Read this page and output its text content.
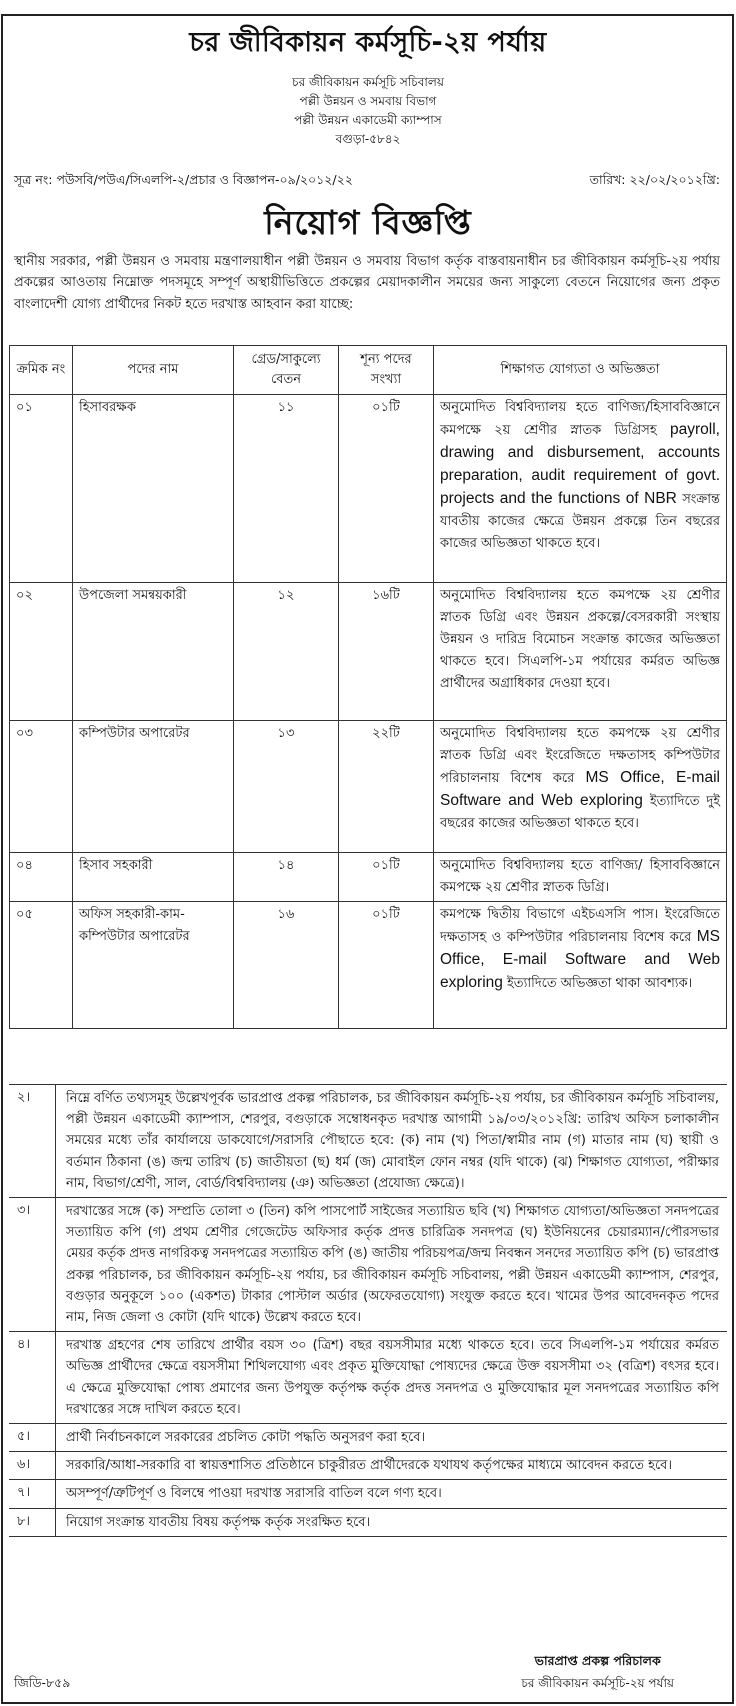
চর জীবিকায়ন কর্মসূচি-২য় পর্যায়
চর জীবিকায়ন কর্মসূচি সচিবালয়
পল্লী উন্নয়ন ও সমবায় বিভাগ
পল্লী উন্নয়ন একাডেমী ক্যাম্পাস
বগুড়া-৫৮৪২
সূত্র নং: পউসবি/পউএ/সিএলপি-২/প্রচার ও বিজ্ঞাপন-০৯/২০১২/২২	তারিখ: ২২/০২/২০১২খ্রি:
নিয়োগ বিজ্ঞপ্তি
স্থানীয় সরকার, পল্লী উন্নয়ন ও সমবায় মন্ত্রণালয়াধীন পল্লী উন্নয়ন ও সমবায় বিভাগ কর্তৃক বাস্তবায়নাধীন চর জীবিকায়ন কর্মসূচি-২য় পর্যায় প্রকল্পের আওতায় নিম্নোক্ত পদসমূহে সম্পূর্ণ অস্থায়ীভিত্তিতে প্রকল্পের মেয়াদকালীন সময়ের জন্য সাকুল্যে বেতনে নিয়োগের জন্য প্রকৃত বাংলাদেশী যোগ্য প্রার্থীদের নিকট হতে দরখাস্ত আহবান করা যাচ্ছে:
ক্রমিক নং	পদের নাম	গ্রেড/সাকুল্যে বেতন	শূন্য পদের সংখ্যা	শিক্ষাগত যোগ্যতা ও অভিজ্ঞতা
০১	হিসাবরক্ষক	১১	০১টি	অনুমোদিত বিশ্ববিদ্যালয় হতে বাণিজ্য/হিসাববিজ্ঞানে কমপক্ষে ২য় শ্রেণীর স্নাতক ডিগ্রিসহ payroll, drawing and disbursement, accounts preparation, audit requirement of govt. projects and the functions of NBR সংক্রান্ত যাবতীয় কাজের ক্ষেত্রে উন্নয়ন প্রকল্পে তিন বছরের কাজের অভিজ্ঞতা থাকতে হবে।
০২	উপজেলা সমন্বয়কারী	১২	১৬টি	অনুমোদিত বিশ্ববিদ্যালয় হতে কমপক্ষে ২য় শ্রেণীর স্নাতক ডিগ্রি এবং উন্নয়ন প্রকল্পে/বেসরকারী সংস্থায় উন্নয়ন ও দারিদ্র বিমোচন সংক্রান্ত কাজের অভিজ্ঞতা থাকতে হবে। সিএলপি-১ম পর্যায়ের কর্মরত অভিজ্ঞ প্রার্থীদের অগ্রাধিকার দেওয়া হবে।
০৩	কম্পিউটার অপারেটর	১৩	২২টি	অনুমোদিত বিশ্ববিদ্যালয় হতে কমপক্ষে ২য় শ্রেণীর স্নাতক ডিগ্রি এবং ইংরেজিতে দক্ষতাসহ কম্পিউটার পরিচালনায় বিশেষ করে MS Office, E-mail Software and Web exploring ইত্যাদিতে দুই বছরের কাজের অভিজ্ঞতা থাকতে হবে।
০৪	হিসাব সহকারী	১৪	০১টি	অনুমোদিত বিশ্ববিদ্যালয় হতে বাণিজ্য/ হিসাববিজ্ঞানে কমপক্ষে ২য় শ্রেণীর স্নাতক ডিগ্রি।
০৫	অফিস সহকারী-কাম-কম্পিউটার অপারেটর	১৬	০১টি	কমপক্ষে দ্বিতীয় বিভাগে এইচএসসি পাস। ইংরেজিতে দক্ষতাসহ ও কম্পিউটার পরিচালনায় বিশেষ করে MS Office, E-mail Software and Web exploring ইত্যাদিতে অভিজ্ঞতা থাকা আবশ্যক।
২।	নিম্নে বর্ণিত তথ্যসমূহ উল্লেখপূর্বক ভারপ্রাপ্ত প্রকল্প পরিচালক, চর জীবিকায়ন কর্মসূচি-২য় পর্যায়, চর জীবিকায়ন কর্মসূচি সচিবালয়, পল্লী উন্নয়ন একাডেমী ক্যাম্পাস, শেরপুর, বগুড়াকে সম্বোধনকৃত দরখাস্ত আগামী ১৯/০৩/২০১২খ্রি: তারিখ অফিস চলাকালীন সময়ের মধ্যে তাঁর কার্যালয়ে ডাকযোগে/সরাসরি পৌছাতে হবে: (ক) নাম (খ) পিতা/স্বামীর নাম (গ) মাতার নাম (ঘ) স্থায়ী ও বর্তমান ঠিকানা (ঙ) জন্ম তারিখ (চ) জাতীয়তা (ছ) ধর্ম (জ) মোবাইল ফোন নম্বর (যদি থাকে) (ঝ) শিক্ষাগত যোগ্যতা, পরীক্ষার নাম, বিভাগ/শ্রেণী, সাল, বোর্ড/বিশ্ববিদ্যালয় (ঞ) অভিজ্ঞতা (প্রযোজ্য ক্ষেত্রে)।
৩।	দরখাস্তের সঙ্গে (ক) সম্প্রতি তোলা ৩ (তিন) কপি পাসপোর্ট সাইজের সত্যায়িত ছবি (খ) শিক্ষাগত যোগ্যতা/অভিজ্ঞতা সনদপত্রের সত্যায়িত কপি (গ) প্রথম শ্রেণীর গেজেটেড অফিসার কর্তৃক প্রদত্ত চারিত্রিক সনদপত্র (ঘ) ইউনিয়নের চেয়ারম্যান/পৌরসভার মেয়র কর্তৃক প্রদত্ত নাগরিকত্ব সনদপত্রের সত্যায়িত কপি (ঙ) জাতীয় পরিচয়পত্র/জন্ম নিবন্ধন সনদের সত্যায়িত কপি (চ) ভারপ্রাপ্ত প্রকল্প পরিচালক, চর জীবিকায়ন কর্মসূচি-২য় পর্যায়, চর জীবিকায়ন কর্মসূচি সচিবালয়, পল্লী উন্নয়ন একাডেমী ক্যাম্পাস, শেরপুর, বগুড়ার অনুকূলে ১০০ (একশত) টাকার পোস্টাল অর্ডার (অফেরতযোগ্য) সংযুক্ত করতে হবে। খামের উপর আবেদনকৃত পদের নাম, নিজ জেলা ও কোটা (যদি থাকে) উল্লেখ করতে হবে।
৪।	দরখাস্ত গ্রহণের শেষ তারিখে প্রার্থীর বয়স ৩০ (ত্রিশ) বছর বয়সসীমার মধ্যে থাকতে হবে। তবে সিএলপি-১ম পর্যায়ের কর্মরত অভিজ্ঞ প্রার্থীদের ক্ষেত্রে বয়সসীমা শিথিলযোগ্য এবং প্রকৃত মুক্তিযোদ্ধা পোষ্যদের ক্ষেত্রে উক্ত বয়সসীমা ৩২ (বত্রিশ) বৎসর হবে। এ ক্ষেত্রে মুক্তিযোদ্ধা পোষ্য প্রমাণের জন্য উপযুক্ত কর্তৃপক্ষ কর্তৃক প্রদত্ত সনদপত্র ও মুক্তিযোদ্ধার মূল সনদপত্রের সত্যায়িত কপি দরখাস্তের সঙ্গে দাখিল করতে হবে।
৫।	প্রার্থী নির্বাচনকালে সরকারের প্রচলিত কোটা পদ্ধতি অনুসরণ করা হবে।
৬।	সরকারি/আধা-সরকারি বা স্বায়ত্তশাসিত প্রতিষ্ঠানে চাকুরীরত প্রার্থীদেরকে যথাযথ কর্তৃপক্ষের মাধ্যমে আবেদন করতে হবে।
৭।	অসম্পূর্ণ/ত্রুটিপূর্ণ ও বিলম্বে পাওয়া দরখাস্ত সরাসরি বাতিল বলে গণ্য হবে।
৮।	নিয়োগ সংক্রান্ত যাবতীয় বিষয় কর্তৃপক্ষ কর্তৃক সংরক্ষিত হবে।
ভারপ্রাপ্ত প্রকল্প পরিচালক
চর জীবিকায়ন কর্মসূচি-২য় পর্যায়
জিডি-৮৫৯
